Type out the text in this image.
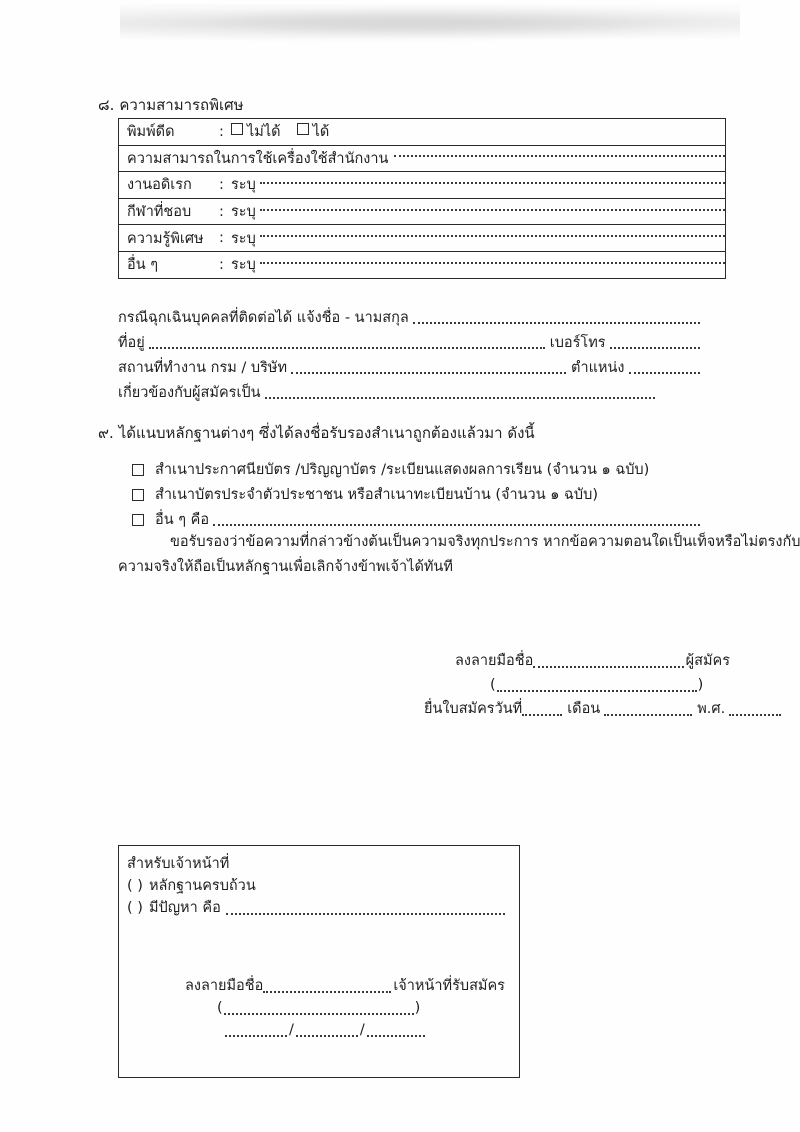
๘. ความสามารถพิเศษ
พิมพ์ดีด	:	ไม่ได้	ได้
ความสามารถในการใช้เครื่องใช้สำนักงาน
งานอดิเรก	: ระบุ
กีฬาที่ชอบ	: ระบุ
ความรู้พิเศษ	: ระบุ
อื่น ๆ	: ระบุ
กรณีฉุกเฉินบุคคลที่ติดต่อได้ แจ้งชื่อ - นามสกุล
ที่อยู่	เบอร์โทร
สถานที่ทำงาน กรม / บริษัท	ตำแหน่ง
เกี่ยวข้องกับผู้สมัครเป็น
๙. ได้แนบหลักฐานต่างๆ ซึ่งได้ลงชื่อรับรองสำเนาถูกต้องแล้วมา ดังนี้
สำเนาประกาศนียบัตร /ปริญญาบัตร /ระเบียนแสดงผลการเรียน (จำนวน ๑ ฉบับ)
สำเนาบัตรประจำตัวประชาชน หรือสำเนาทะเบียนบ้าน (จำนวน ๑ ฉบับ)
อื่น ๆ คือ
ขอรับรองว่าข้อความที่กล่าวข้างต้นเป็นความจริงทุกประการ หากข้อความตอนใดเป็นเท็จหรือไม่ตรงกับ
ความจริงให้ถือเป็นหลักฐานเพื่อเลิกจ้างข้าพเจ้าได้ทันที
ลงลายมือชื่อ	ผู้สมัคร
(	)
ยื่นใบสมัครวันที่	เดือน	พ.ศ.
สำหรับเจ้าหน้าที่
( ) หลักฐานครบถ้วน
( ) มีปัญหา คือ
ลงลายมือชื่อ	เจ้าหน้าที่รับสมัคร
(	)
/	/
